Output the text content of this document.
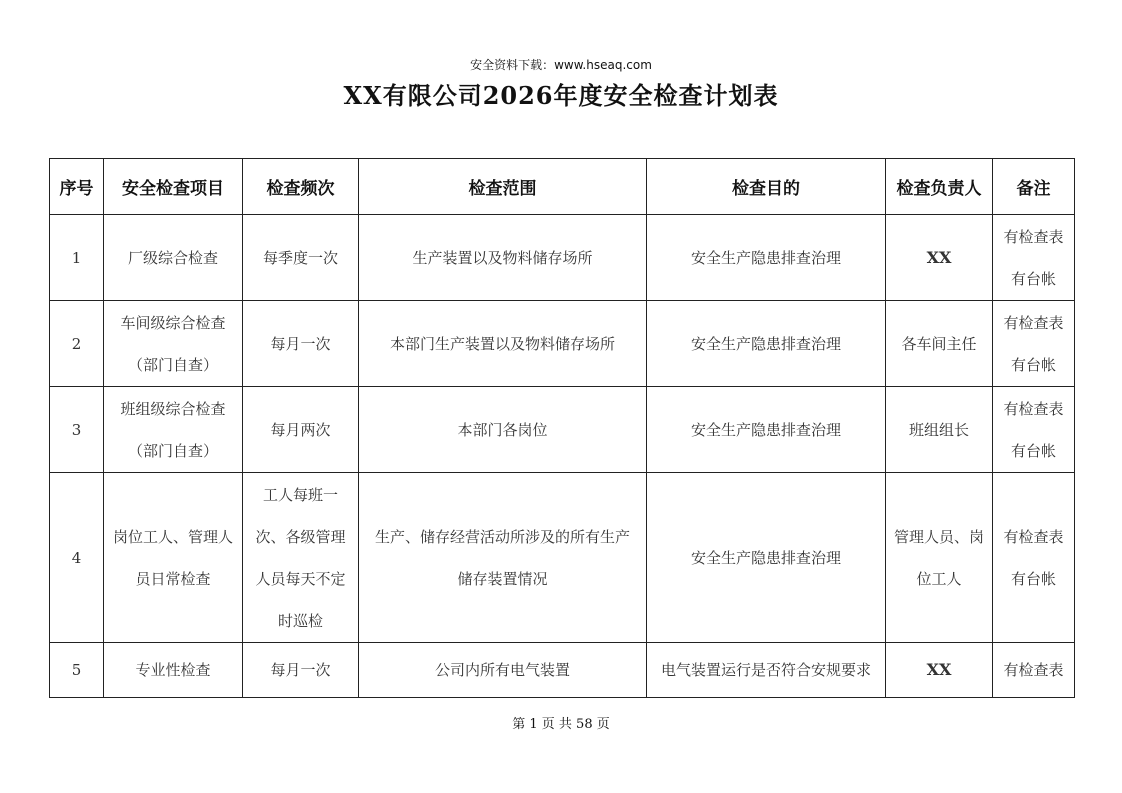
安全资料下载：www.hseaq.com
XX有限公司2026年度安全检查计划表
序号	安全检查项目	检查频次	检查范围	检查目的	检查负责人	备注
1	厂级综合检查	每季度一次	生产装置以及物料储存场所	安全生产隐患排查治理	XX	有检查表
有台帐

2	车间级综合检查
（部门自查）	每月一次	本部门生产装置以及物料储存场所	安全生产隐患排查治理	各车间主任	有检查表
有台帐

3	班组级综合检查
（部门自查）	每月两次	本部门各岗位	安全生产隐患排查治理	班组组长	有检查表
有台帐

4	岗位工人、管理人
员日常检查	工人每班一
次、各级管理
人员每天不定
时巡检	生产、储存经营活动所涉及的所有生产
储存装置情况	安全生产隐患排查治理	管理人员、岗
位工人	有检查表
有台帐

5	专业性检查	每月一次	公司内所有电气装置	电气装置运行是否符合安规要求	XX	有检查表
第 1 页 共 58 页
